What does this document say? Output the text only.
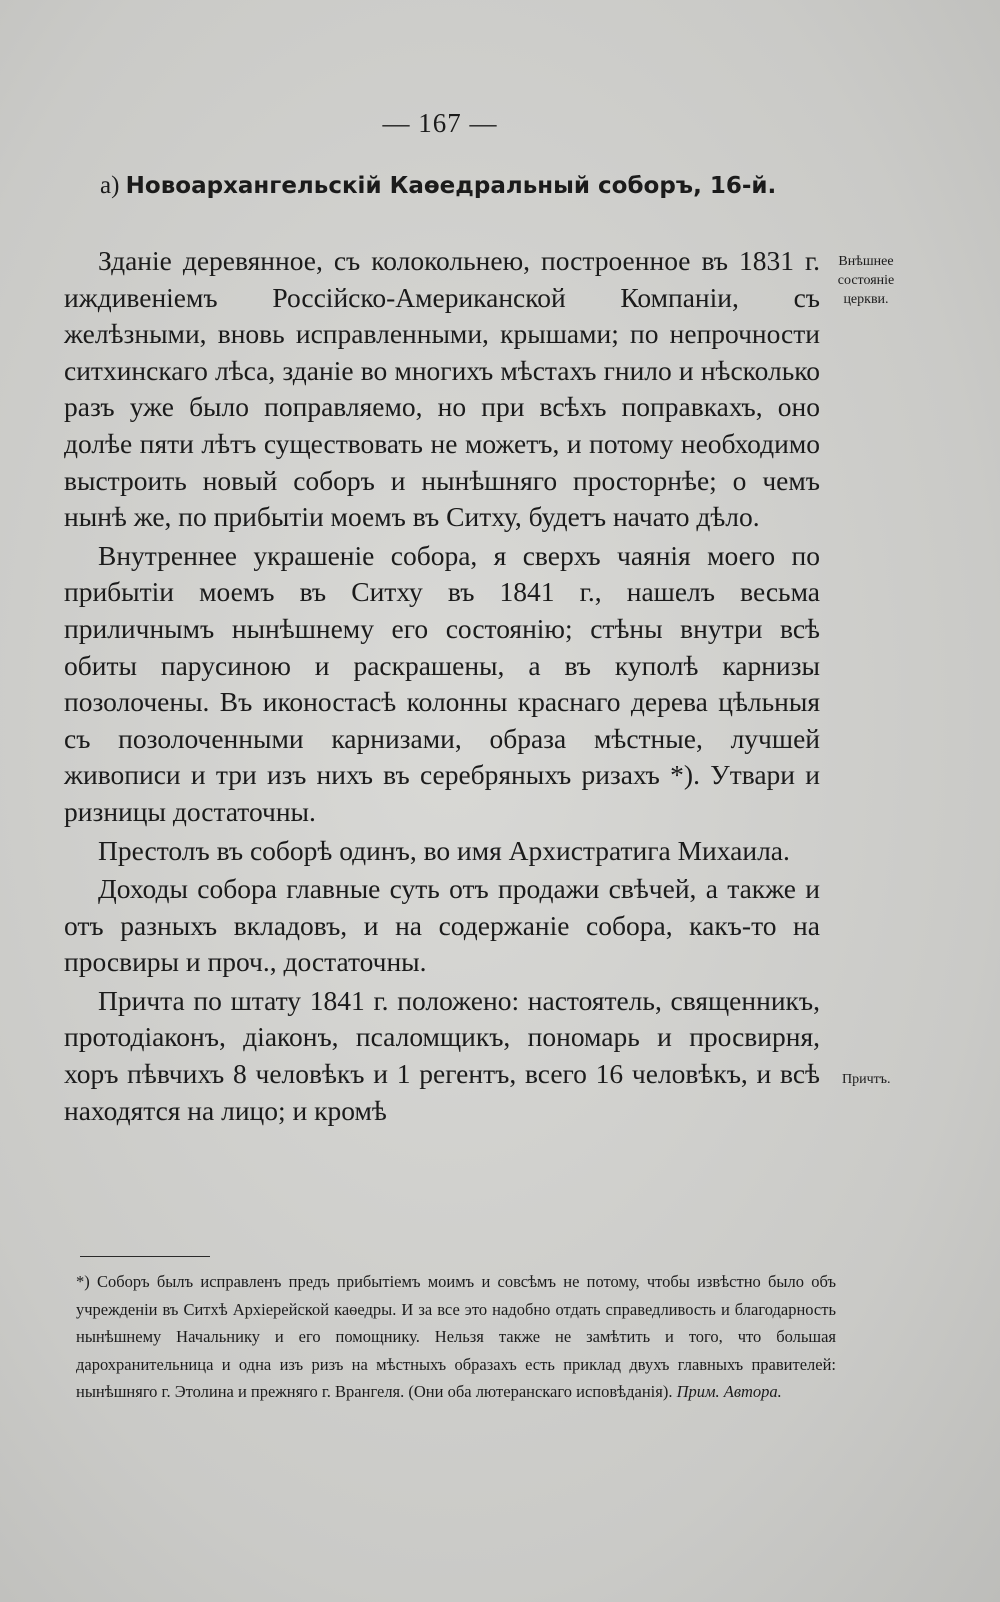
— 167 —
а) Новоархангельскій Каѳедральный соборъ, 16-й.
Внѣшнее состояніе церкви.
Причтъ.

Зданіе деревянное, съ колокольнею, построенное въ 1831 г. иждивеніемъ Россійско-Американской Компаніи, съ желѣзными, вновь исправленными, крышами; по непрочности ситхинскаго лѣса, зданіе во многихъ мѣстахъ гнило и нѣсколько разъ уже было поправляемо, но при всѣхъ поправкахъ, оно долѣе пяти лѣтъ существовать не можетъ, и потому необходимо выстроить новый соборъ и нынѣшняго просторнѣе; о чемъ нынѣ же, по прибытіи моемъ въ Ситху, будетъ начато дѣло.

Внутреннее украшеніе собора, я сверхъ чаянія моего по прибытіи моемъ въ Ситху въ 1841 г., нашелъ весьма приличнымъ нынѣшнему его состоянію; стѣны внутри всѣ обиты парусиною и раскрашены, а въ куполѣ карнизы позолочены. Въ иконостасѣ колонны краснаго дерева цѣльныя съ позолоченными карнизами, образа мѣстные, лучшей живописи и три изъ нихъ въ серебряныхъ ризахъ *). Утвари и ризницы достаточны.

Престолъ въ соборѣ одинъ, во имя Архистратига Михаила.

Доходы собора главные суть отъ продажи свѣчей, а также и отъ разныхъ вкладовъ, и на содержаніе собора, какъ-то на просвиры и проч., достаточны.

Причта по штату 1841 г. положено: настоятель, священникъ, протодіаконъ, діаконъ, псаломщикъ, пономарь и просвирня, хоръ пѣвчихъ 8 человѣкъ и 1 регентъ, всего 16 человѣкъ, и всѣ находятся на лицо; и кромѣ

*) Соборъ былъ исправленъ предъ прибытіемъ моимъ и совсѣмъ не потому, чтобы извѣстно было объ учрежденіи въ Ситхѣ Архіерейской каѳедры. И за все это надобно отдать справедливость и благодарность нынѣшнему Начальнику и его помощнику. Нельзя также не замѣтить и того, что большая дарохранительница и одна изъ ризъ на мѣстныхъ образахъ есть приклад двухъ главныхъ правителей: нынѣшняго г. Этолина и прежняго г. Врангеля. (Они оба лютеранскаго исповѣданія). Прим. Автора.
